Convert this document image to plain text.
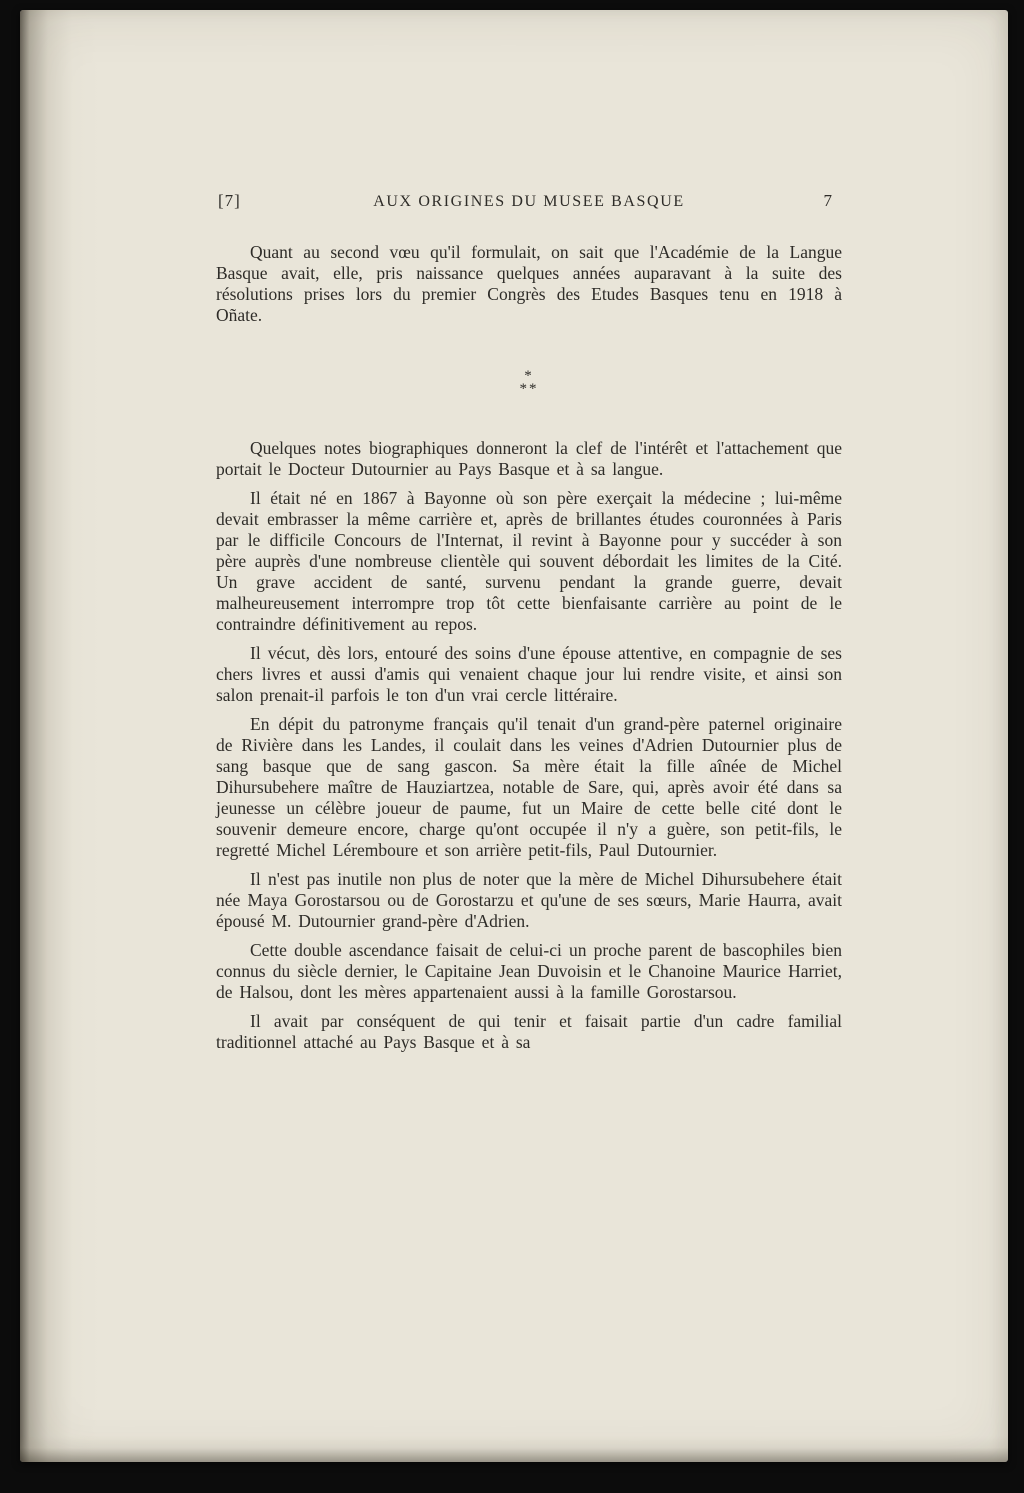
[7]	AUX ORIGINES DU MUSEE BASQUE	7

Quant au second vœu qu'il formulait, on sait que l'Académie de la Langue Basque avait, elle, pris naissance quelques années auparavant à la suite des résolutions prises lors du premier Congrès des Etudes Basques tenu en 1918 à Oñate.

*
**

Quelques notes biographiques donneront la clef de l'intérêt et l'attachement que portait le Docteur Dutournier au Pays Basque et à sa langue.

Il était né en 1867 à Bayonne où son père exerçait la médecine ; lui-même devait embrasser la même carrière et, après de brillantes études couronnées à Paris par le difficile Concours de l'Internat, il revint à Bayonne pour y succéder à son père auprès d'une nombreuse clientèle qui souvent débordait les limites de la Cité. Un grave accident de santé, survenu pendant la grande guerre, devait malheureusement interrompre trop tôt cette bienfaisante carrière au point de le contraindre définitivement au repos.

Il vécut, dès lors, entouré des soins d'une épouse attentive, en compagnie de ses chers livres et aussi d'amis qui venaient chaque jour lui rendre visite, et ainsi son salon prenait-il parfois le ton d'un vrai cercle littéraire.

En dépit du patronyme français qu'il tenait d'un grand-père paternel originaire de Rivière dans les Landes, il coulait dans les veines d'Adrien Dutournier plus de sang basque que de sang gascon. Sa mère était la fille aînée de Michel Dihursubehere maître de Hauziartzea, notable de Sare, qui, après avoir été dans sa jeunesse un célèbre joueur de paume, fut un Maire de cette belle cité dont le souvenir demeure encore, charge qu'ont occupée il n'y a guère, son petit-fils, le regretté Michel Léremboure et son arrière petit-fils, Paul Dutournier.

Il n'est pas inutile non plus de noter que la mère de Michel Dihursubehere était née Maya Gorostarsou ou de Gorostarzu et qu'une de ses sœurs, Marie Haurra, avait épousé M. Dutournier grand-père d'Adrien.

Cette double ascendance faisait de celui-ci un proche parent de bascophiles bien connus du siècle dernier, le Capitaine Jean Duvoisin et le Chanoine Maurice Harriet, de Halsou, dont les mères appartenaient aussi à la famille Gorostarsou.

Il avait par conséquent de qui tenir et faisait partie d'un cadre familial traditionnel attaché au Pays Basque et à sa
